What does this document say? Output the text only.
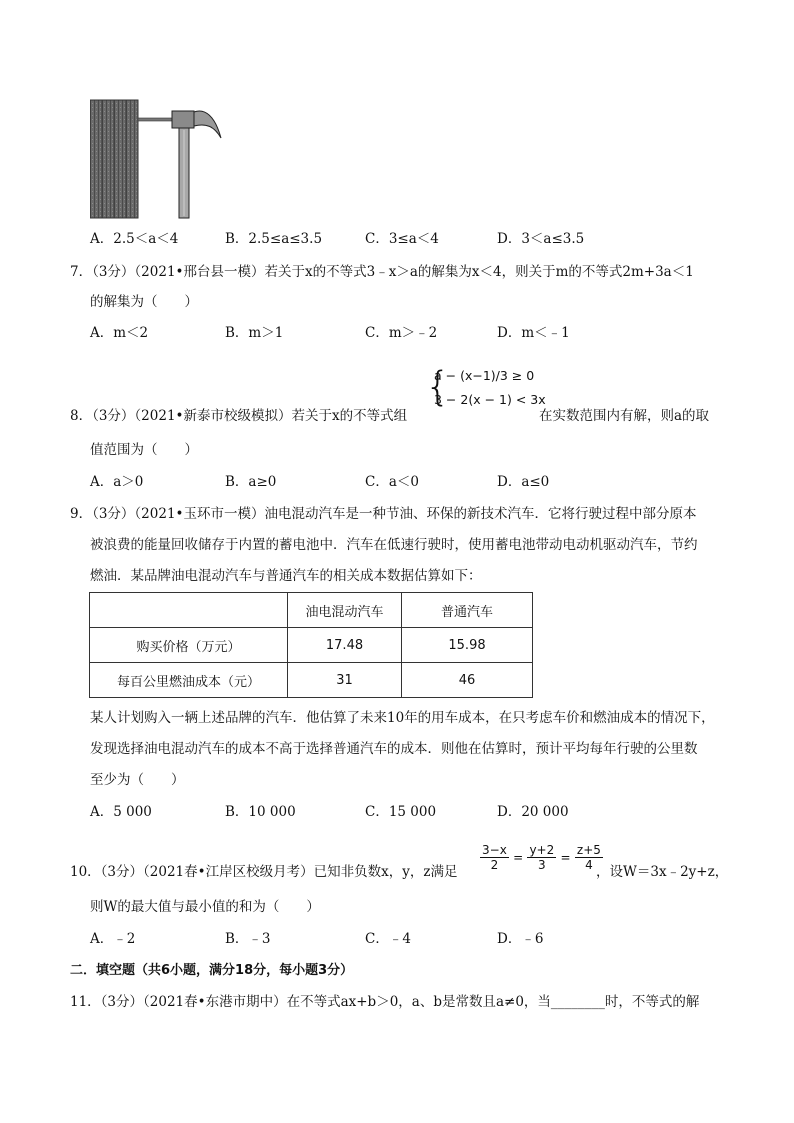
A．2.5＜a＜4	B．2.5≤a≤3.5	C．3≤a＜4	D．3＜a≤3.5
7．（3分）（2021•邢台县一模）若关于x的不等式3﹣x＞a的解集为x＜4，则关于m的不等式2m+3a＜1
的解集为（　　）
A．m＜2	B．m＞1	C．m＞﹣2	D．m＜﹣1
8．（3分）（2021•新泰市校级模拟）若关于x的不等式组
{
a − (x−1)/3 ≥ 0
3 − 2(x − 1) < 3x
在实数范围内有解，则a的取
值范围为（　　）
A．a＞0	B．a≥0	C．a＜0	D．a≤0
9．（3分）（2021•玉环市一模）油电混动汽车是一种节油、环保的新技术汽车．它将行驶过程中部分原本
被浪费的能量回收储存于内置的蓄电池中．汽车在低速行驶时，使用蓄电池带动电动机驱动汽车，节约
燃油．某品牌油电混动汽车与普通汽车的相关成本数据估算如下：
	油电混动汽车	普通汽车
购买价格（万元）	17.48	15.98
每百公里燃油成本（元）	31	46
某人计划购入一辆上述品牌的汽车．他估算了未来10年的用车成本，在只考虑车价和燃油成本的情况下，
发现选择油电混动汽车的成本不高于选择普通汽车的成本．则他在估算时，预计平均每年行驶的公里数
至少为（　　）
A．5 000	B．10 000	C．15 000	D．20 000
10．（3分）（2021春•江岸区校级月考）已知非负数x，y，z满足 $\frac{3-x}{2} = \frac{y+2}{3} = \frac{z+5}{4}$
，设W＝3x﹣2y+z，
则W的最大值与最小值的和为（　　）
A．﹣2	B．﹣3	C．﹣4	D．﹣6
二．填空题（共6小题，满分18分，每小题3分）
11．（3分）（2021春•东港市期中）在不等式ax+b＞0，a、b是常数且a≠0，当________时，不等式的解
